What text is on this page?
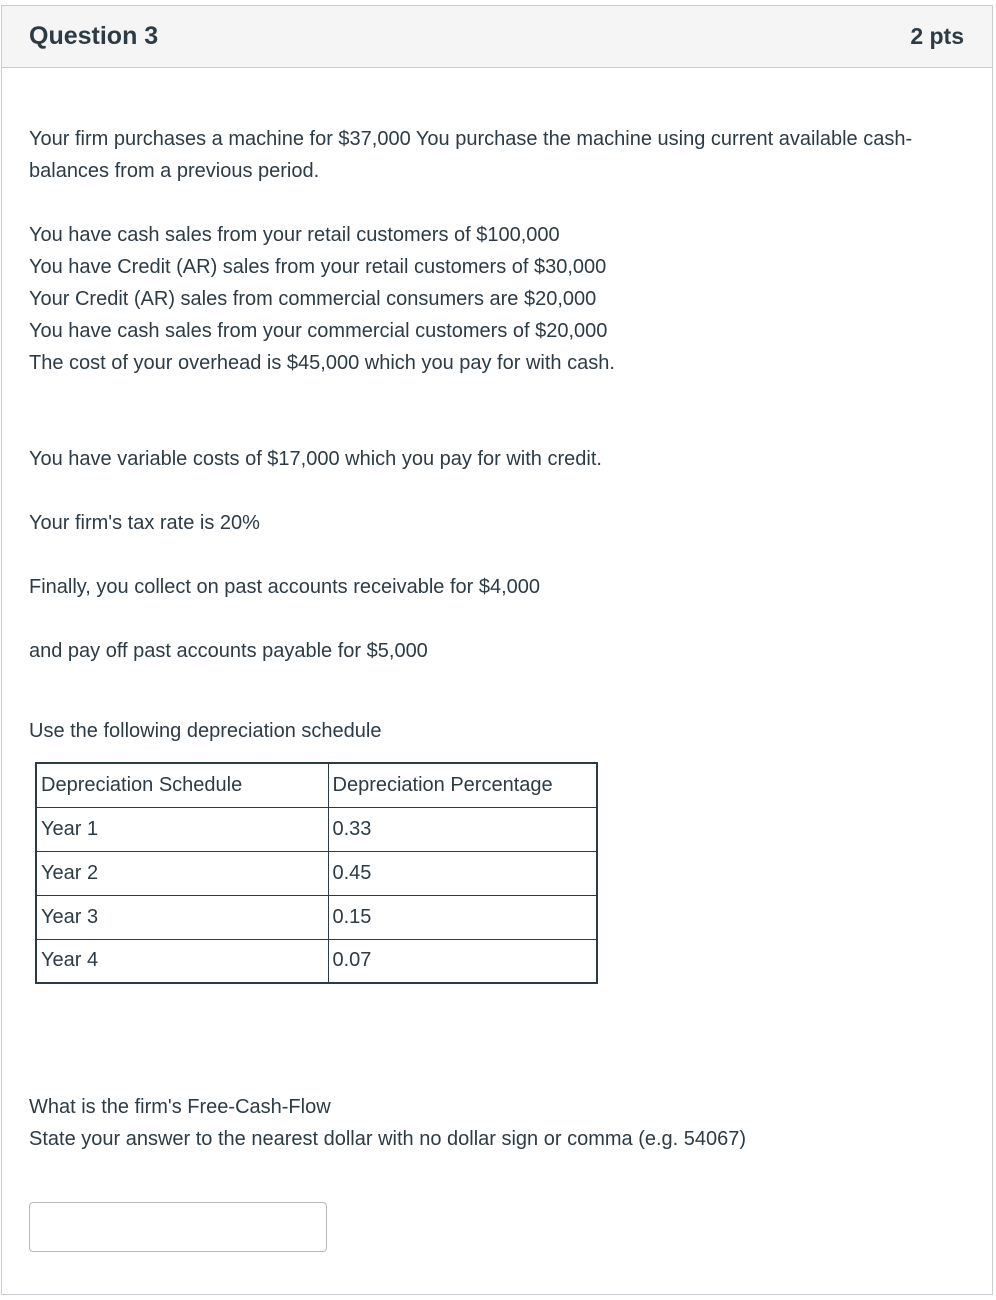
Question 3	2 pts

Your firm purchases a machine for $37,000 You purchase the machine using current available cash-balances from a previous period.

You have cash sales from your retail customers of $100,000

You have Credit (AR) sales from your retail customers of $30,000

Your Credit (AR) sales from commercial consumers are $20,000

You have cash sales from your commercial customers of $20,000

The cost of your overhead is $45,000 which you pay for with cash.

You have variable costs of $17,000 which you pay for with credit.

Your firm's tax rate is 20%

Finally, you collect on past accounts receivable for $4,000

and pay off past accounts payable for $5,000

Use the following depreciation schedule

Depreciation Schedule	Depreciation Percentage
Year 1	0.33
Year 2	0.45
Year 3	0.15
Year 4	0.07

What is the firm's Free-Cash-Flow

State your answer to the nearest dollar with no dollar sign or comma (e.g. 54067)
